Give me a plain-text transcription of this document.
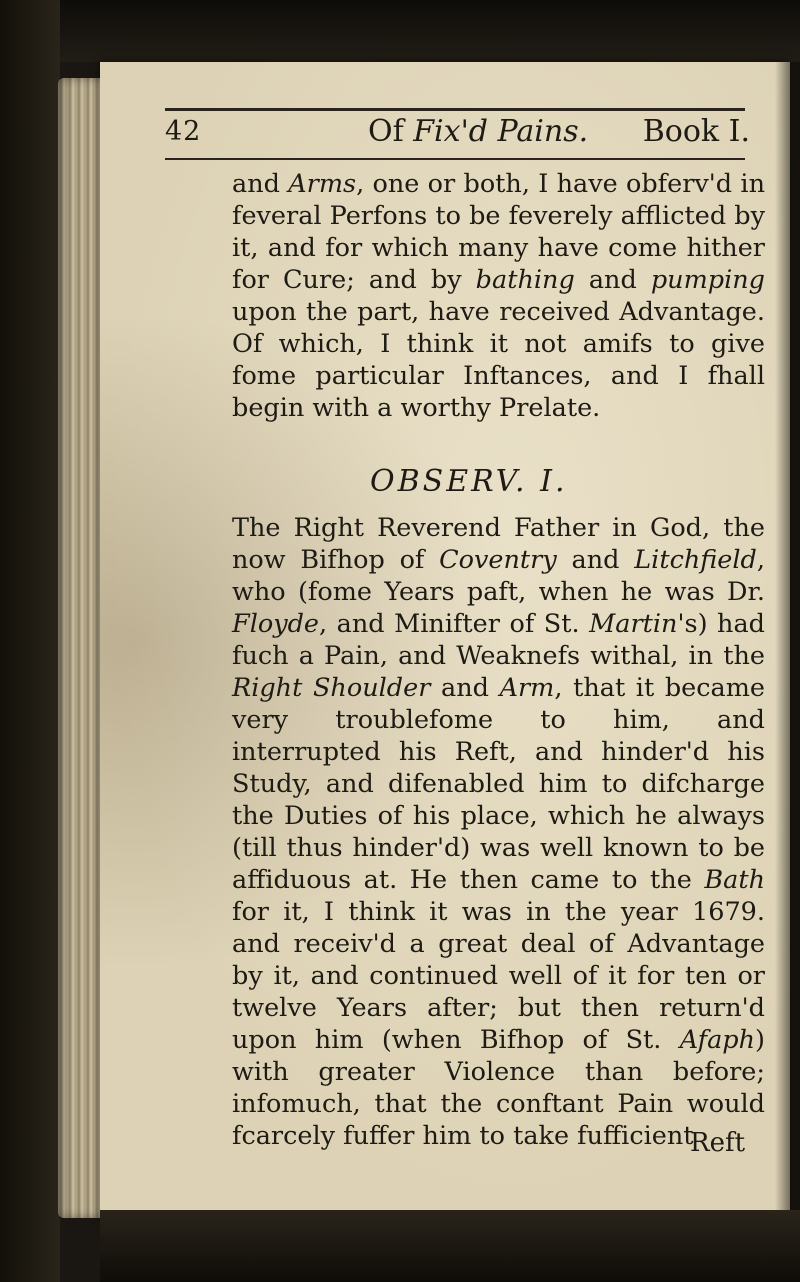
42	Of Fix'd Pains. Book I.
and Arms, one or both, I have obferv'd in feveral Perfons to be feverely afflicted by it, and for which many have come hither for Cure; and by bathing and pumping upon the part, have received Advantage. Of which, I think it not amifs to give fome particular Inftances, and I fhall begin with a worthy Prelate.
OBSERV. I.
The Right Reverend Father in God, the now Bifhop of Coventry and Litchfield, who (fome Years paft, when he was Dr. Floyde, and Minifter of St. Martin's) had fuch a Pain, and Weaknefs withal, in the Right Shoulder and Arm, that it became very troublefome to him, and interrupted his Reft, and hinder'd his Study, and difenabled him to difcharge the Duties of his place, which he always (till thus hinder'd) was well known to be affiduous at. He then came to the Bath for it, I think it was in the year 1679. and receiv'd a great deal of Advantage by it, and continued well of it for ten or twelve Years after; but then return'd upon him (when Bifhop of St. Afaph) with greater Violence than before; infomuch, that the conftant Pain would fcarcely fuffer him to take fufficient
Reft
